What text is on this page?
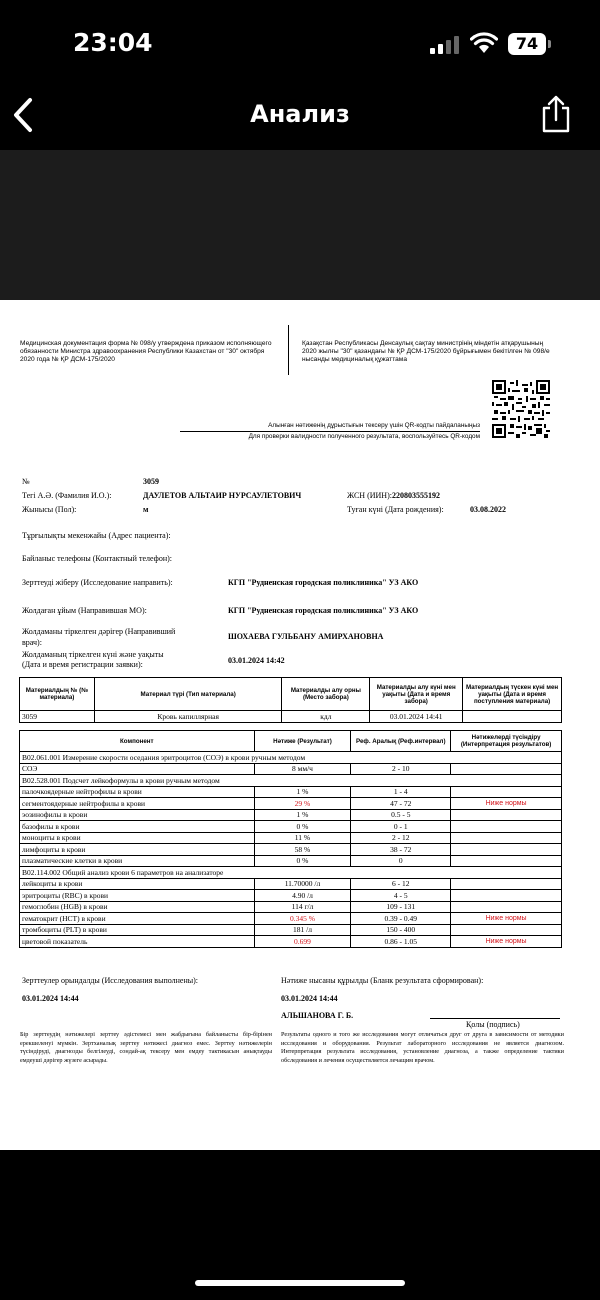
23:04	74
Анализ
Медицинская документация форма № 098/у утверждена приказом исполняющего обязанности Министра здравоохранения Республики Казахстан от "30" октября 2020 года № ҚР ДСМ-175/2020
Қазақстан Республикасы Денсаулық сақтау министрінің міндетін атқарушының 2020 жылғы "30" қазандағы № ҚР ДСМ-175/2020 бұйрығымен бекітілген № 098/е нысанды медициналық құжаттама
Алынған нәтиженің дұрыстығын тексеру үшін QR-кодты пайдаланыңыз
Для проверки валидности полученного результата, воспользуйтесь QR-кодом
№	3059
Тегі А.Ә. (Фамилия И.О.):	ДАУЛЕТОВ АЛЬТАИР НУРСАУЛЕТОВИЧ	ЖСН (ИИН): 220803555192
Жынысы (Пол):	м	Туған күні (Дата рождения):	03.08.2022
Тұрғылықты мекенжайы (Адрес пациента):
Байланыс телефоны (Контактный телефон):
Зерттеуді жіберу (Исследование направить):	КГП "Рудненская городская поликлиника" УЗ АКО
Жолдаған ұйым (Направившая МО):	КГП "Рудненская городская поликлиника" УЗ АКО
Жолдаманы тіркелген дәрігер (Направивший
врач):
ШОХАЕВА ГУЛЬБАНУ АМИРХАНОВНА
Жолдаманың тіркелген күні және уақыты
(Дата и время регистрации заявки):	03.01.2024 14:42
Материалдың № (№ материала)	Материал түрі (Тип материала)	Материалды алу орны (Место забора)	Материалды алу күні мен уақыты (Дата и время забора)	Материалдың түскен күні мен уақыты (Дата и время поступления материала)
3059	Кровь капиллярная	кдл	03.01.2024 14:41	
Компонент	Нәтиже (Результат)	Реф. Аралық (Реф.интервал)	Нәтижелерді түсіндіру (Интерпретация результатов)
B02.061.001 Измерение скорости оседания эритроцитов (СОЭ) в крови ручным методом			
СОЭ	8 мм/ч	2 - 10	
B02.528.001 Подсчет лейкоформулы в крови ручным методом			
палочкоядерные нейтрофилы в крови	1 %	1 - 4	
сегментоядерные нейтрофилы в крови	29 %	47 - 72	Ниже нормы
эозинофилы в крови	1 %	0.5 - 5	
базофилы в крови	0 %	0 - 1	
моноциты в крови	11 %	2 - 12	
лимфоциты в крови	58 %	38 - 72	
плазматические клетки в крови	0 %	0	
B02.114.002 Общий анализ крови 6 параметров на анализаторе			
лейкоциты в крови	11.70000 /л	6 - 12	
эритроциты (RBC) в крови	4.90 /л	4 - 5	
гемоглобин (HGB) в крови	114 г/л	109 - 131	
гематокрит (HCT) в крови	0.345 %	0.39 - 0.49	Ниже нормы
тромбоциты (PLT) в крови	181 /л	150 - 400	
цветовой показатель	0.699	0.86 - 1.05	Ниже нормы
Зерттеулер орындалды (Исследования выполнены):
03.01.2024 14:44
Нәтиже нысаны құрылды (Бланк результата сформирован):
03.01.2024 14:44
АЛЬШАНОВА Г. Б.
Қолы (подпись)
Бір зерттеудің нәтижелері зерттеу әдістемесі мен жабдығына байланысты бір-бірінен ерекшеленуі мүмкін. Зертханалық зерттеу нәтижесі диагноз емес. Зерттеу нәтижелерін түсіндіруді, диагнозды белгілеуді, сондай-ақ тексеру мен емдеу тактикасын анықтауды емдеуші дәрігер жүзеге асырады.
Результаты одного и того же исследования могут отличаться друг от друга в зависимости от методики исследования и оборудования. Результат лабораторного исследования не является диагнозом. Интерпретация результата исследования, установление диагноза, а также определение тактики обследования и лечения осуществляется лечащим врачом.
